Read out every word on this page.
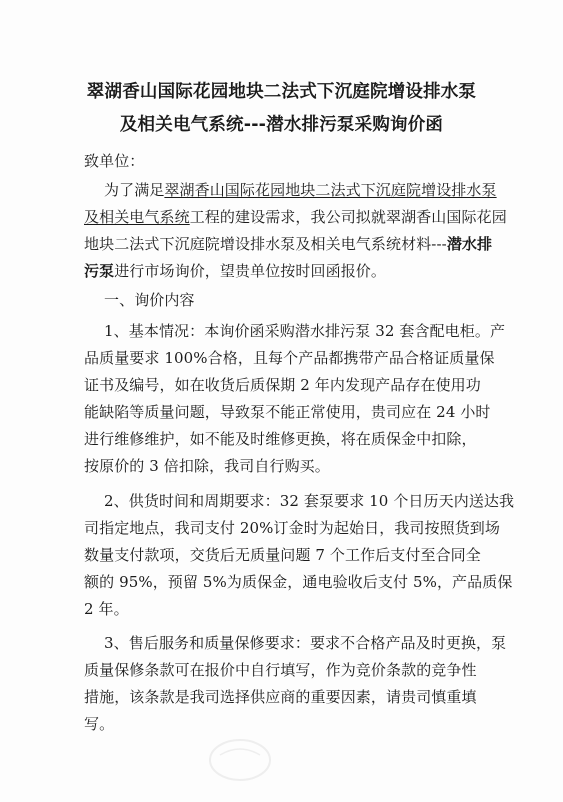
翠湖香山国际花园地块二法式下沉庭院增设排水泵
及相关电气系统---潜水排污泵采购询价函
致单位：
为了满足翠湖香山国际花园地块二法式下沉庭院增设排水泵
及相关电气系统工程的建设需求，我公司拟就翠湖香山国际花园
地块二法式下沉庭院增设排水泵及相关电气系统材料---潜水排
污泵进行市场询价，望贵单位按时回函报价。
一、询价内容
1、基本情况：本询价函采购潜水排污泵 32 套含配电柜。产
品质量要求 100%合格，且每个产品都携带产品合格证质量保
证书及编号，如在收货后质保期 2 年内发现产品存在使用功
能缺陷等质量问题，导致泵不能正常使用，贵司应在 24 小时
进行维修维护，如不能及时维修更换，将在质保金中扣除，
按原价的 3 倍扣除，我司自行购买。
2、供货时间和周期要求：32 套泵要求 10 个日历天内送达我
司指定地点，我司支付 20%订金时为起始日，我司按照货到场
数量支付款项，交货后无质量问题 7 个工作后支付至合同全
额的 95%，预留 5%为质保金，通电验收后支付 5%，产品质保
2 年。
3、售后服务和质量保修要求：要求不合格产品及时更换，泵
质量保修条款可在报价中自行填写，作为竞价条款的竞争性
措施，该条款是我司选择供应商的重要因素，请贵司慎重填
写。
